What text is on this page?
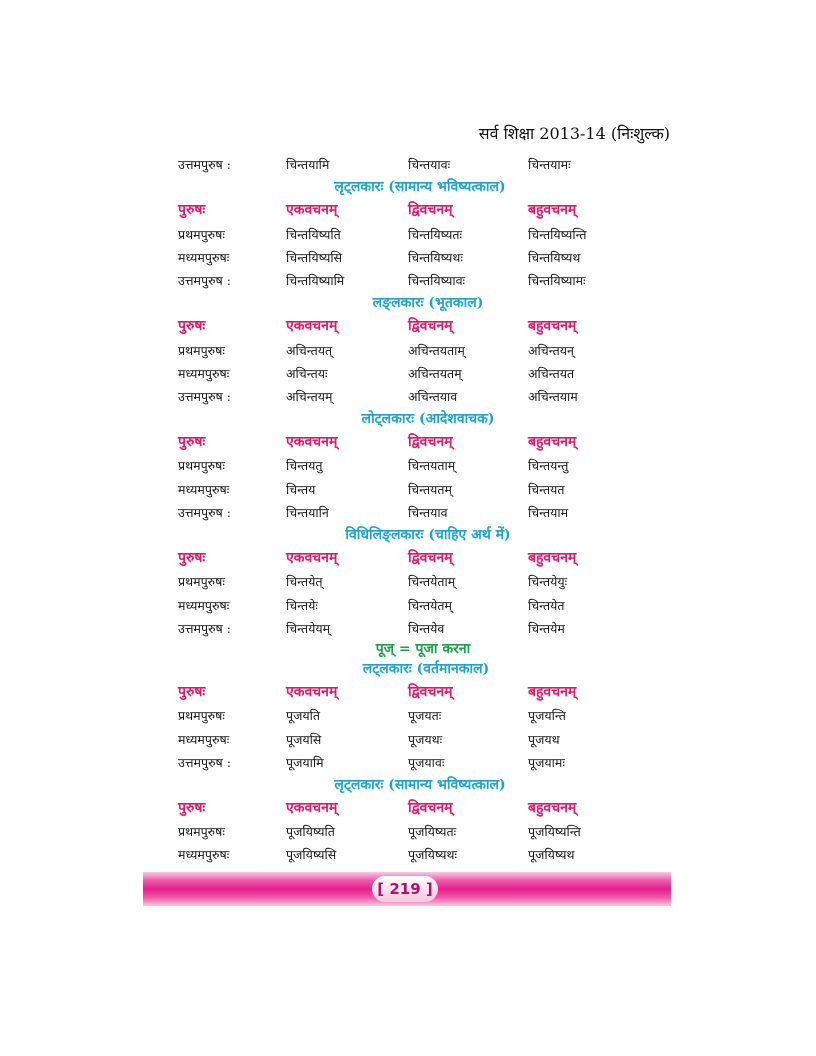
सर्व शिक्षा 2013-14 (निःशुल्क)
उत्तमपुरुष :	चिन्तयामि	चिन्तयावः	चिन्तयामः
लृट्लकारः (सामान्य भविष्यत्काल)
पुरुषः	एकवचनम्	द्विवचनम्	बहुवचनम्
प्रथमपुरुषः	चिन्तयिष्यति	चिन्तयिष्यतः	चिन्तयिष्यन्ति
मध्यमपुरुषः	चिन्तयिष्यसि	चिन्तयिष्यथः	चिन्तयिष्यथ
उत्तमपुरुष :	चिन्तयिष्यामि	चिन्तयिष्यावः	चिन्तयिष्यामः
लङ्लकारः (भूतकाल)
पुरुषः	एकवचनम्	द्विवचनम्	बहुवचनम्
प्रथमपुरुषः	अचिन्तयत्	अचिन्तयताम्	अचिन्तयन्
मध्यमपुरुषः	अचिन्तयः	अचिन्तयतम्	अचिन्तयत
उत्तमपुरुष :	अचिन्तयम्	अचिन्तयाव	अचिन्तयाम
लोट्लकारः (आदेशवाचक)
पुरुषः	एकवचनम्	द्विवचनम्	बहुवचनम्
प्रथमपुरुषः	चिन्तयतु	चिन्तयताम्	चिन्तयन्तु
मध्यमपुरुषः	चिन्तय	चिन्तयतम्	चिन्तयत
उत्तमपुरुष :	चिन्तयानि	चिन्तयाव	चिन्तयाम
विधिलिङ्लकारः (चाहिए अर्थ में)
पुरुषः	एकवचनम्	द्विवचनम्	बहुवचनम्
प्रथमपुरुषः	चिन्तयेत्	चिन्तयेताम्	चिन्तयेयुः
मध्यमपुरुषः	चिन्तयेः	चिन्तयेतम्	चिन्तयेत
उत्तमपुरुष :	चिन्तयेयम्	चिन्तयेव	चिन्तयेम
पूज् = पूजा करना
लट्लकारः (वर्तमानकाल)
पुरुषः	एकवचनम्	द्विवचनम्	बहुवचनम्
प्रथमपुरुषः	पूजयति	पूजयतः	पूजयन्ति
मध्यमपुरुषः	पूजयसि	पूजयथः	पूजयथ
उत्तमपुरुष :	पूजयामि	पूजयावः	पूजयामः
लृट्लकारः (सामान्य भविष्यत्काल)
पुरुषः	एकवचनम्	द्विवचनम्	बहुवचनम्
प्रथमपुरुषः	पूजयिष्यति	पूजयिष्यतः	पूजयिष्यन्ति
मध्यमपुरुषः	पूजयिष्यसि	पूजयिष्यथः	पूजयिष्यथ
[ 219 ]
